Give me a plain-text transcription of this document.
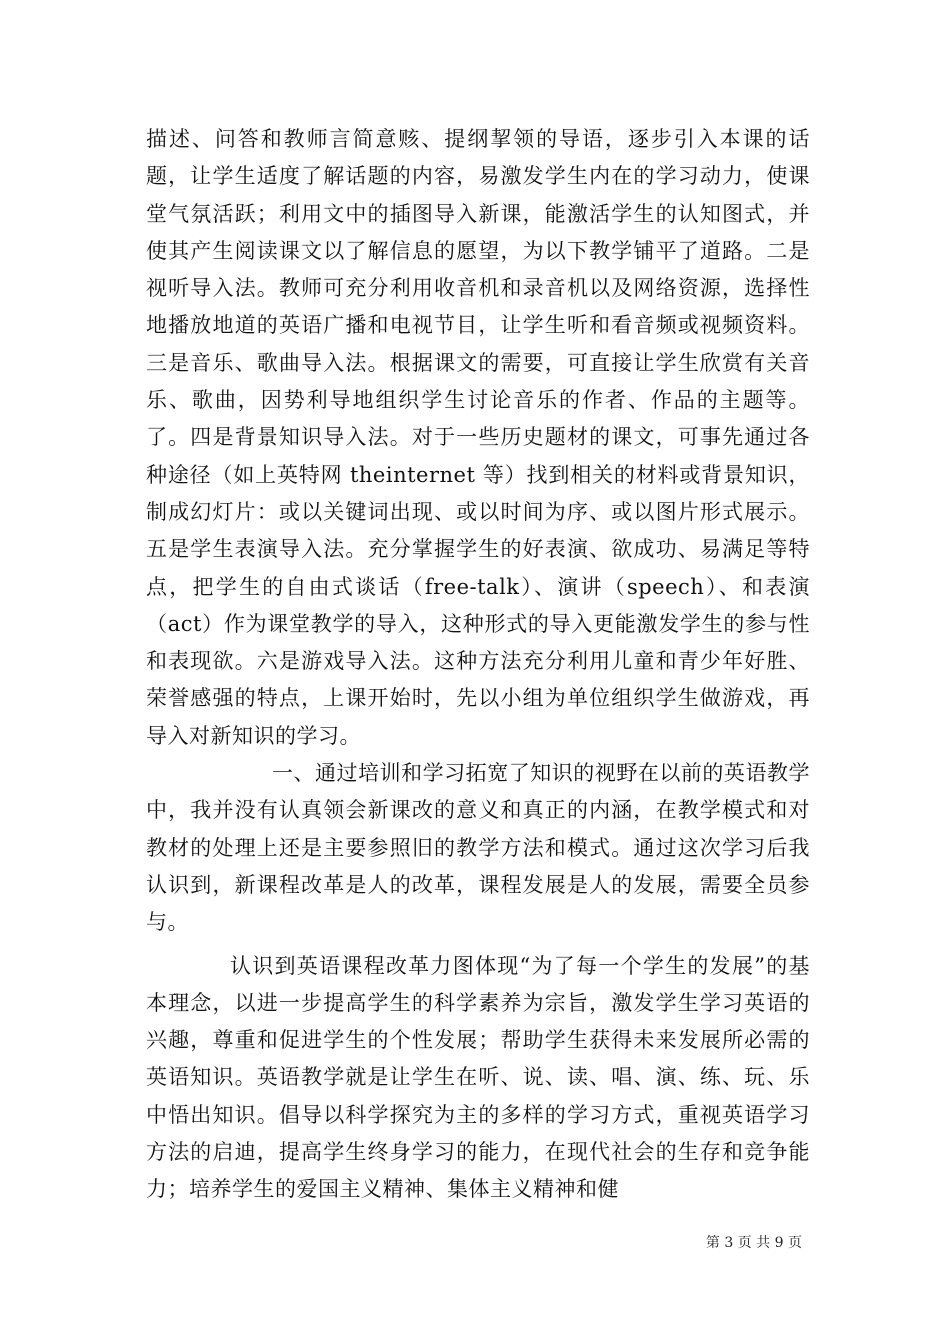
描述、问答和教师言简意赅、提纲挈领的导语，逐步引入本课的话题，让学生适度了解话题的内容，易激发学生内在的学习动力，使课堂气氛活跃；利用文中的插图导入新课，能激活学生的认知图式，并使其产生阅读课文以了解信息的愿望，为以下教学铺平了道路。二是视听导入法。教师可充分利用收音机和录音机以及网络资源，选择性地播放地道的英语广播和电视节目，让学生听和看音频或视频资料。三是音乐、歌曲导入法。根据课文的需要，可直接让学生欣赏有关音乐、歌曲，因势利导地组织学生讨论音乐的作者、作品的主题等。了。四是背景知识导入法。对于一些历史题材的课文，可事先通过各种途径（如上英特网 theinternet 等）找到相关的材料或背景知识，制成幻灯片：或以关键词出现、或以时间为序、或以图片形式展示。五是学生表演导入法。充分掌握学生的好表演、欲成功、易满足等特点，把学生的自由式谈话（free-talk）、演讲（speech）、和表演（act）作为课堂教学的导入，这种形式的导入更能激发学生的参与性和表现欲。六是游戏导入法。这种方法充分利用儿童和青少年好胜、荣誉感强的特点，上课开始时，先以小组为单位组织学生做游戏，再导入对新知识的学习。

一、通过培训和学习拓宽了知识的视野在以前的英语教学中，我并没有认真领会新课改的意义和真正的内涵，在教学模式和对教材的处理上还是主要参照旧的教学方法和模式。通过这次学习后我认识到，新课程改革是人的改革，课程发展是人的发展，需要全员参与。

认识到英语课程改革力图体现“为了每一个学生的发展”的基本理念，以进一步提高学生的科学素养为宗旨，激发学生学习英语的兴趣，尊重和促进学生的个性发展；帮助学生获得未来发展所必需的英语知识。英语教学就是让学生在听、说、读、唱、演、练、玩、乐中悟出知识。倡导以科学探究为主的多样的学习方式，重视英语学习方法的启迪，提高学生终身学习的能力，在现代社会的生存和竞争能力；培养学生的爱国主义精神、集体主义精神和健

第 3 页 共 9 页
